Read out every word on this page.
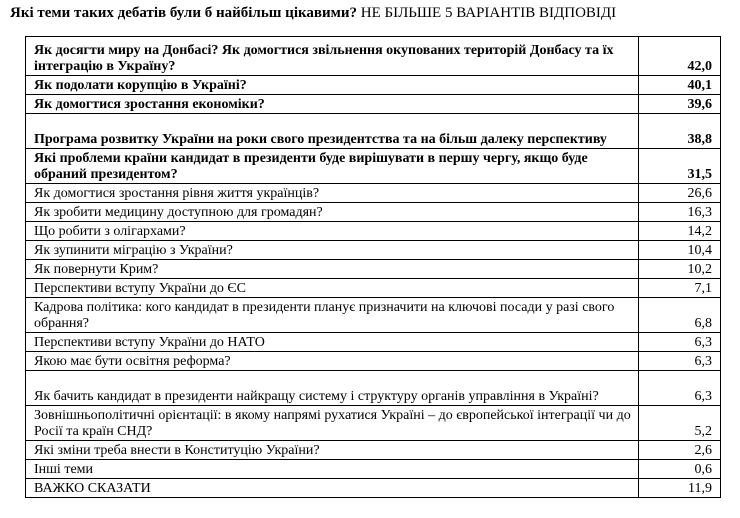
Які теми таких дебатів були б найбільш цікавими? НЕ БІЛЬШЕ 5 ВАРІАНТІВ ВІДПОВІДІ
Як досягти миру на Донбасі? Як домогтися звільнення окупованих територій Донбасу та їх інтеграцію в Україну?	42,0
Як подолати корупцію в Україні?	40,1
Як домогтися зростання економіки?	39,6
Програма розвитку України на роки свого президентства та на більш далеку перспективу	38,8
Які проблеми країни кандидат в президенти буде вирішувати в першу чергу, якщо буде обраний президентом?	31,5
Як домогтися зростання рівня життя українців?	26,6
Як зробити медицину доступною для громадян?	16,3
Що робити з олігархами?	14,2
Як зупинити міграцію з України?	10,4
Як повернути Крим?	10,2
Перспективи вступу України до ЄС	7,1
Кадрова політика: кого кандидат в президенти планує призначити на ключові посади у разі свого обрання?	6,8
Перспективи вступу України до НАТО	6,3
Якою має бути освітня реформа?	6,3
Як бачить кандидат в президенти найкращу систему і структуру органів управління в Україні?	6,3
Зовнішньополітичні орієнтації: в якому напрямі рухатися Україні – до європейської інтеграції чи до Росії та країн СНД?	5,2
Які зміни треба внести в Конституцію України?	2,6
Інші теми	0,6
ВАЖКО СКАЗАТИ	11,9
